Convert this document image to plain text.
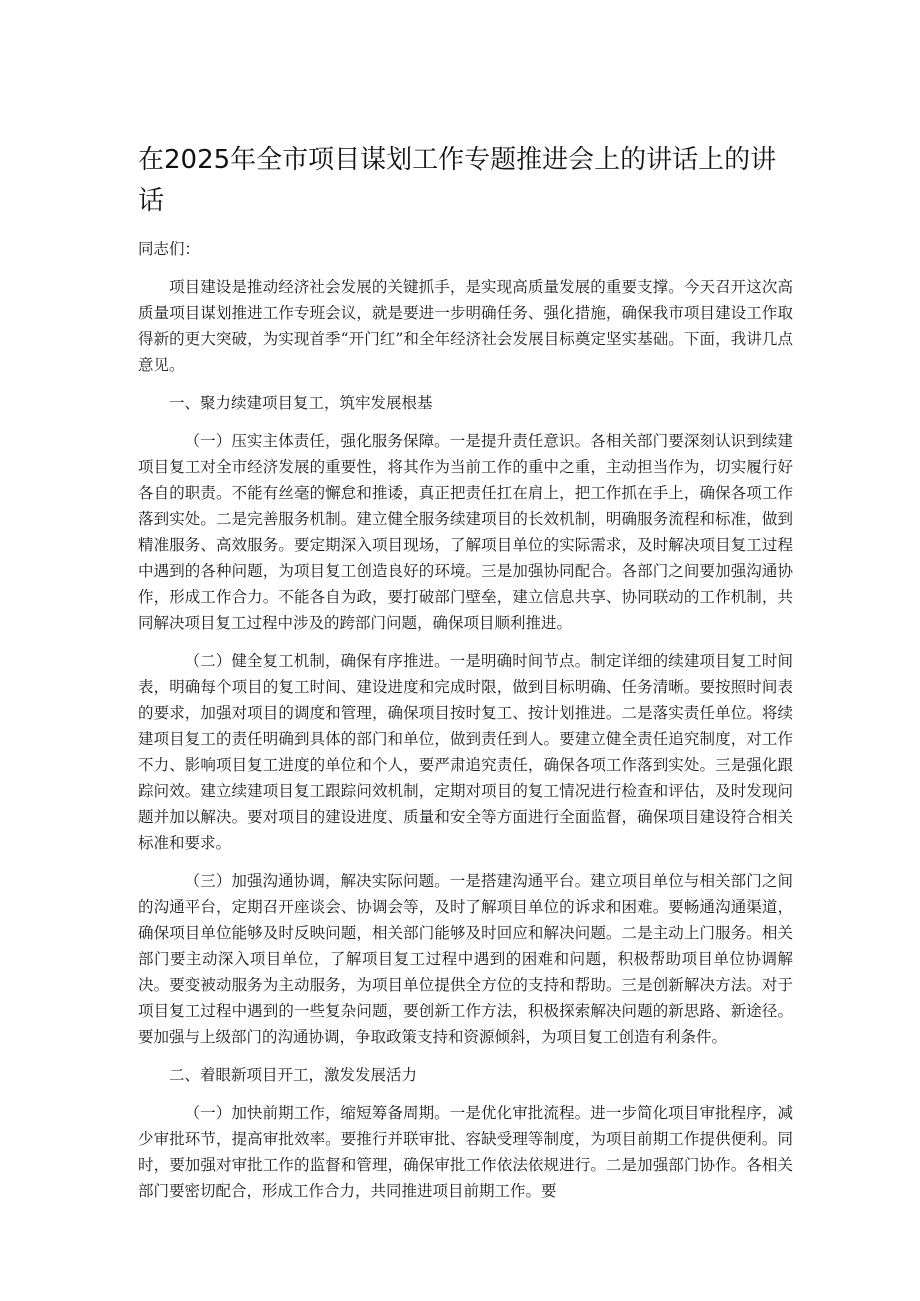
在2025年全市项目谋划工作专题推进会上的讲话上的讲话

同志们：

项目建设是推动经济社会发展的关键抓手，是实现高质量发展的重要支撑。今天召开这次高质量项目谋划推进工作专班会议，就是要进一步明确任务、强化措施，确保我市项目建设工作取得新的更大突破，为实现首季“开门红”和全年经济社会发展目标奠定坚实基础。下面，我讲几点意见。

一、聚力续建项目复工，筑牢发展根基

（一）压实主体责任，强化服务保障。一是提升责任意识。各相关部门要深刻认识到续建项目复工对全市经济发展的重要性，将其作为当前工作的重中之重，主动担当作为，切实履行好各自的职责。不能有丝毫的懈怠和推诿，真正把责任扛在肩上，把工作抓在手上，确保各项工作落到实处。二是完善服务机制。建立健全服务续建项目的长效机制，明确服务流程和标准，做到精准服务、高效服务。要定期深入项目现场，了解项目单位的实际需求，及时解决项目复工过程中遇到的各种问题，为项目复工创造良好的环境。三是加强协同配合。各部门之间要加强沟通协作，形成工作合力。不能各自为政，要打破部门壁垒，建立信息共享、协同联动的工作机制，共同解决项目复工过程中涉及的跨部门问题，确保项目顺利推进。

（二）健全复工机制，确保有序推进。一是明确时间节点。制定详细的续建项目复工时间表，明确每个项目的复工时间、建设进度和完成时限，做到目标明确、任务清晰。要按照时间表的要求，加强对项目的调度和管理，确保项目按时复工、按计划推进。二是落实责任单位。将续建项目复工的责任明确到具体的部门和单位，做到责任到人。要建立健全责任追究制度，对工作不力、影响项目复工进度的单位和个人，要严肃追究责任，确保各项工作落到实处。三是强化跟踪问效。建立续建项目复工跟踪问效机制，定期对项目的复工情况进行检查和评估，及时发现问题并加以解决。要对项目的建设进度、质量和安全等方面进行全面监督，确保项目建设符合相关标准和要求。

（三）加强沟通协调，解决实际问题。一是搭建沟通平台。建立项目单位与相关部门之间的沟通平台，定期召开座谈会、协调会等，及时了解项目单位的诉求和困难。要畅通沟通渠道，确保项目单位能够及时反映问题，相关部门能够及时回应和解决问题。二是主动上门服务。相关部门要主动深入项目单位，了解项目复工过程中遇到的困难和问题，积极帮助项目单位协调解决。要变被动服务为主动服务，为项目单位提供全方位的支持和帮助。三是创新解决方法。对于项目复工过程中遇到的一些复杂问题，要创新工作方法，积极探索解决问题的新思路、新途径。要加强与上级部门的沟通协调，争取政策支持和资源倾斜，为项目复工创造有利条件。

二、着眼新项目开工，激发发展活力

（一）加快前期工作，缩短筹备周期。一是优化审批流程。进一步简化项目审批程序，减少审批环节，提高审批效率。要推行并联审批、容缺受理等制度，为项目前期工作提供便利。同时，要加强对审批工作的监督和管理，确保审批工作依法依规进行。二是加强部门协作。各相关部门要密切配合，形成工作合力，共同推进项目前期工作。要
